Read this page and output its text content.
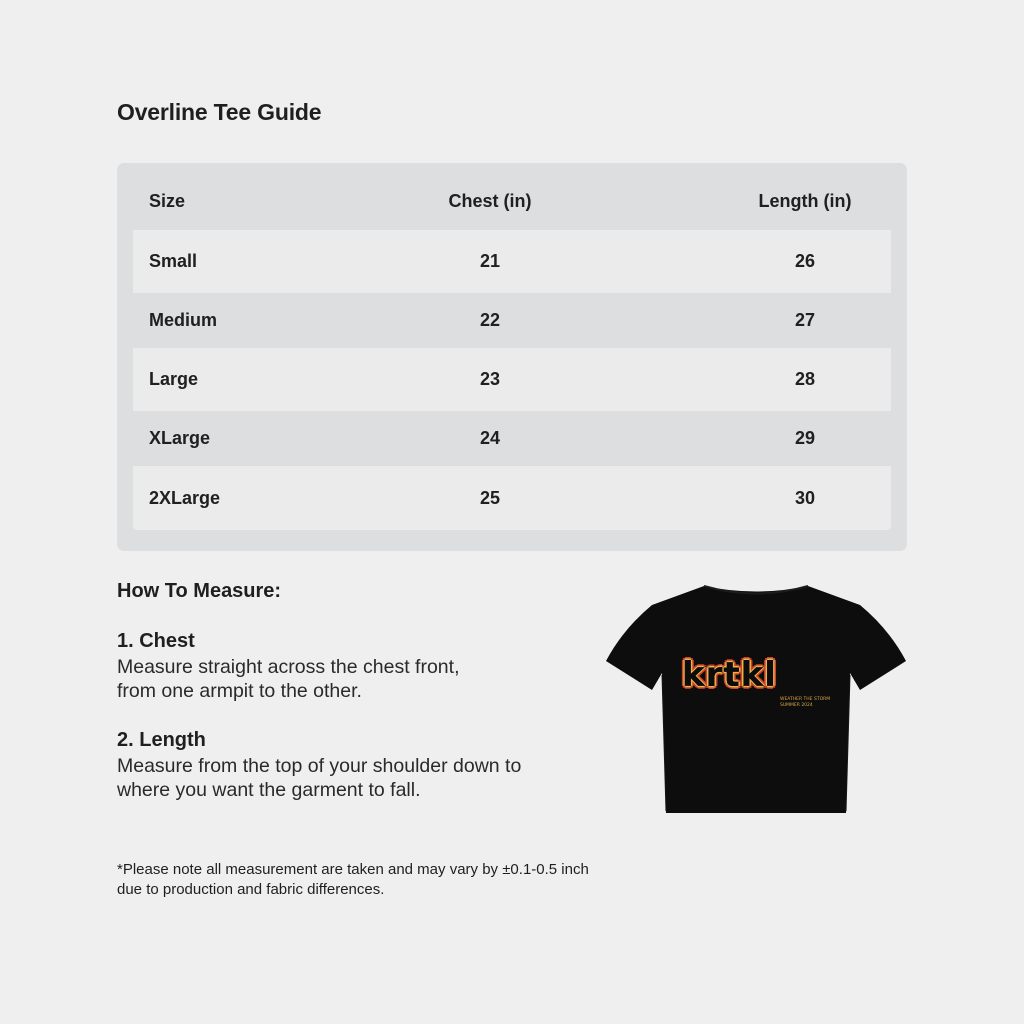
Overline Tee Guide
Size	Chest (in)	Length (in)
Small	21	26
Medium	22	27
Large	23	28
XLarge	24	29
2XLarge	25	30
How To Measure:
1. Chest
Measure straight across the chest front,
from one armpit to the other.
2. Length
Measure from the top of your shoulder down to
where you want the garment to fall.
*Please note all measurement are taken and may vary by ±0.1-0.5 inch
due to production and fabric differences.
krtkl
WEATHER THE STORM
SUMMER 2024
